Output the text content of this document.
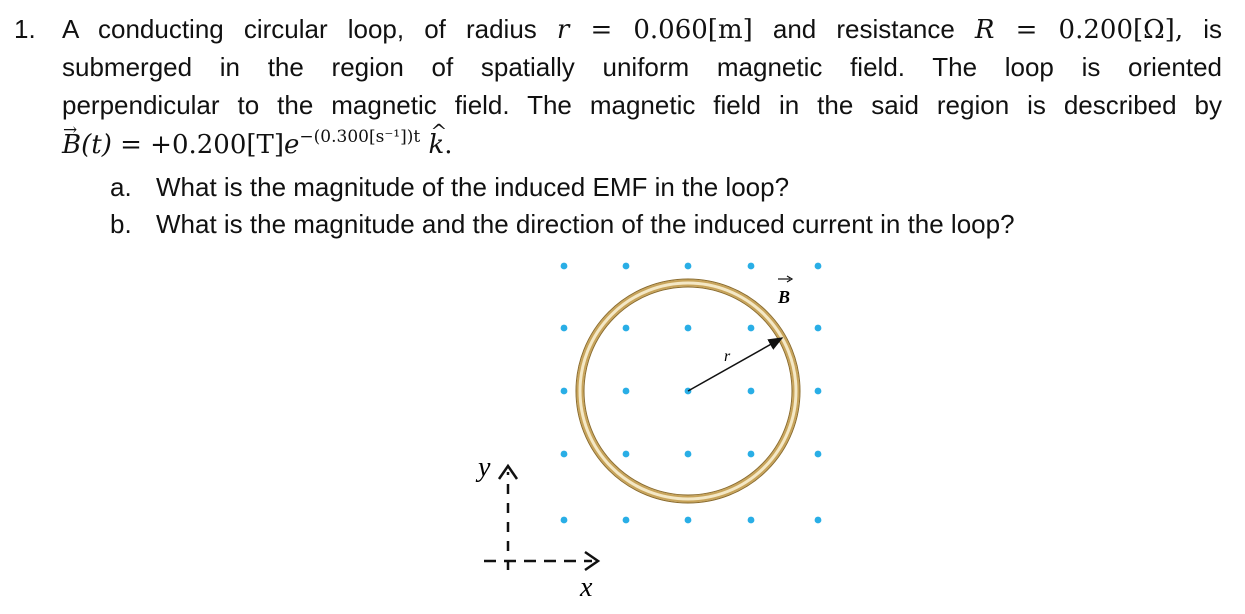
1. A conducting circular loop, of radius r = 0.060[m] and resistance R = 0.200[Ω], is
submerged in the region of spatially uniform magnetic field. The loop is oriented
perpendicular to the magnetic field. The magnetic field in the said region is described by
→ $B(t) = +0.200[T]e^{-(0.300[s^{-1}])t}$ ^ k.
a. What is the magnitude of the induced EMF in the loop?
b. What is the magnitude and the direction of the induced current in the loop?
r
B
y
x
